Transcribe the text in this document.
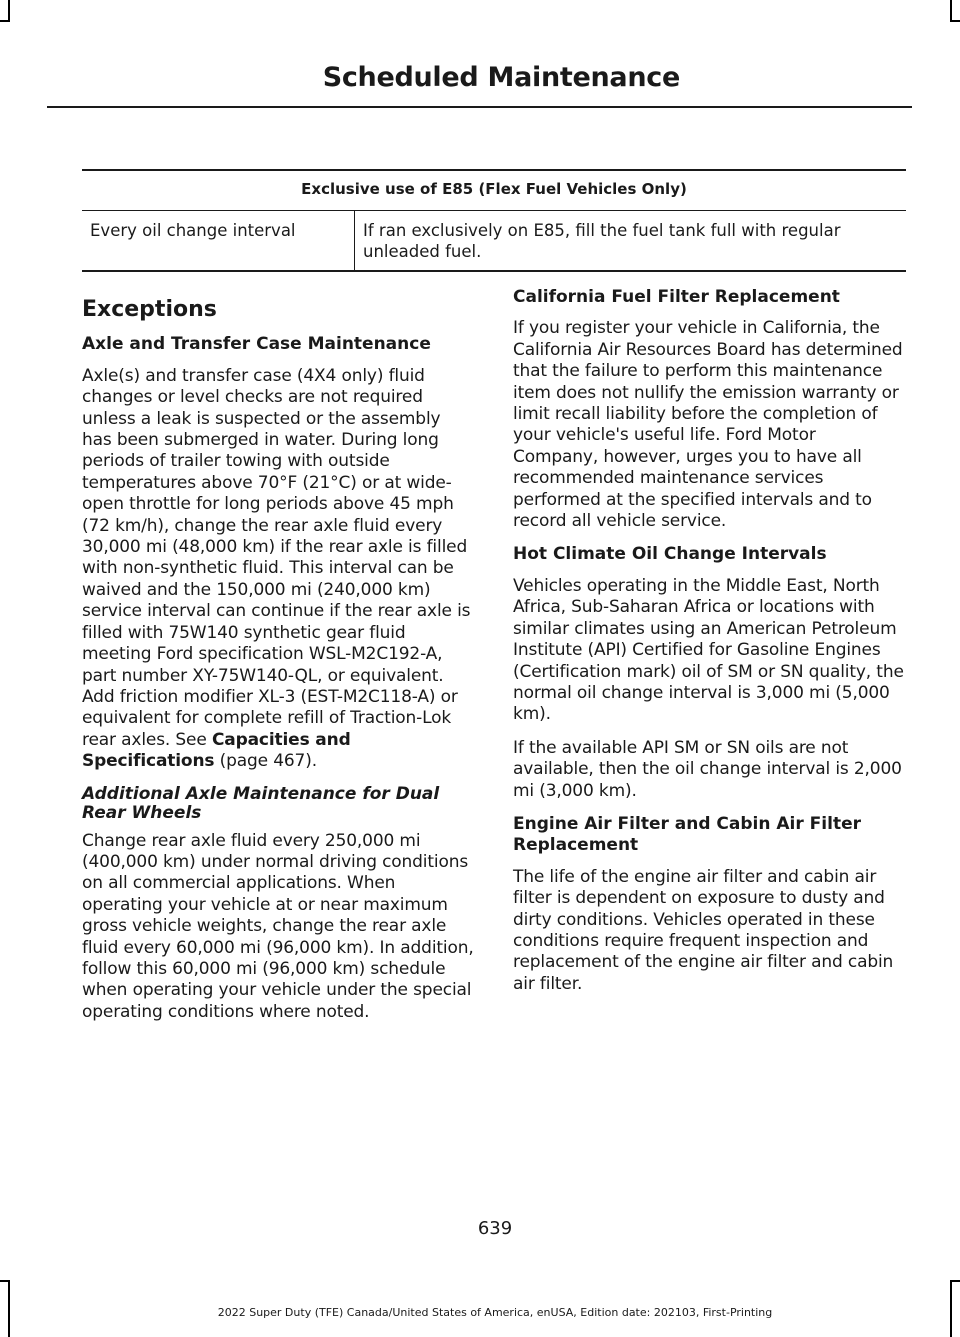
Scheduled Maintenance
Exclusive use of E85 (Flex Fuel Vehicles Only)
Every oil change interval	If ran exclusively on E85, fill the fuel tank full with regular unleaded fuel.
Exceptions
Axle and Transfer Case Maintenance

Axle(s) and transfer case (4X4 only) fluid changes or level checks are not required unless a leak is suspected or the assembly has been submerged in water. During long periods of trailer towing with outside temperatures above 70°F (21°C) or at wide-open throttle for long periods above 45 mph (72 km/h), change the rear axle fluid every 30,000 mi (48,000 km) if the rear axle is filled with non-synthetic fluid. This interval can be waived and the 150,000 mi (240,000 km) service interval can continue if the rear axle is filled with 75W140 synthetic gear fluid meeting Ford specification WSL-M2C192-A, part number XY-75W140-QL, or equivalent. Add friction modifier XL-3 (EST-M2C118-A) or equivalent for complete refill of Traction-Lok rear axles. See Capacities and Specifications (page 467).

Additional Axle Maintenance for Dual Rear Wheels

Change rear axle fluid every 250,000 mi (400,000 km) under normal driving conditions on all commercial applications. When operating your vehicle at or near maximum gross vehicle weights, change the rear axle fluid every 60,000 mi (96,000 km). In addition, follow this 60,000 mi (96,000 km) schedule when operating your vehicle under the special operating conditions where noted.

California Fuel Filter Replacement

If you register your vehicle in California, the California Air Resources Board has determined that the failure to perform this maintenance item does not nullify the emission warranty or limit recall liability before the completion of your vehicle's useful life. Ford Motor Company, however, urges you to have all recommended maintenance services performed at the specified intervals and to record all vehicle service.

Hot Climate Oil Change Intervals

Vehicles operating in the Middle East, North Africa, Sub-Saharan Africa or locations with similar climates using an American Petroleum Institute (API) Certified for Gasoline Engines (Certification mark) oil of SM or SN quality, the normal oil change interval is 3,000 mi (5,000 km).

If the available API SM or SN oils are not available, then the oil change interval is 2,000 mi (3,000 km).

Engine Air Filter and Cabin Air Filter Replacement

The life of the engine air filter and cabin air filter is dependent on exposure to dusty and dirty conditions. Vehicles operated in these conditions require frequent inspection and replacement of the engine air filter and cabin air filter.

639
2022 Super Duty (TFE) Canada/United States of America, enUSA, Edition date: 202103, First-Printing
